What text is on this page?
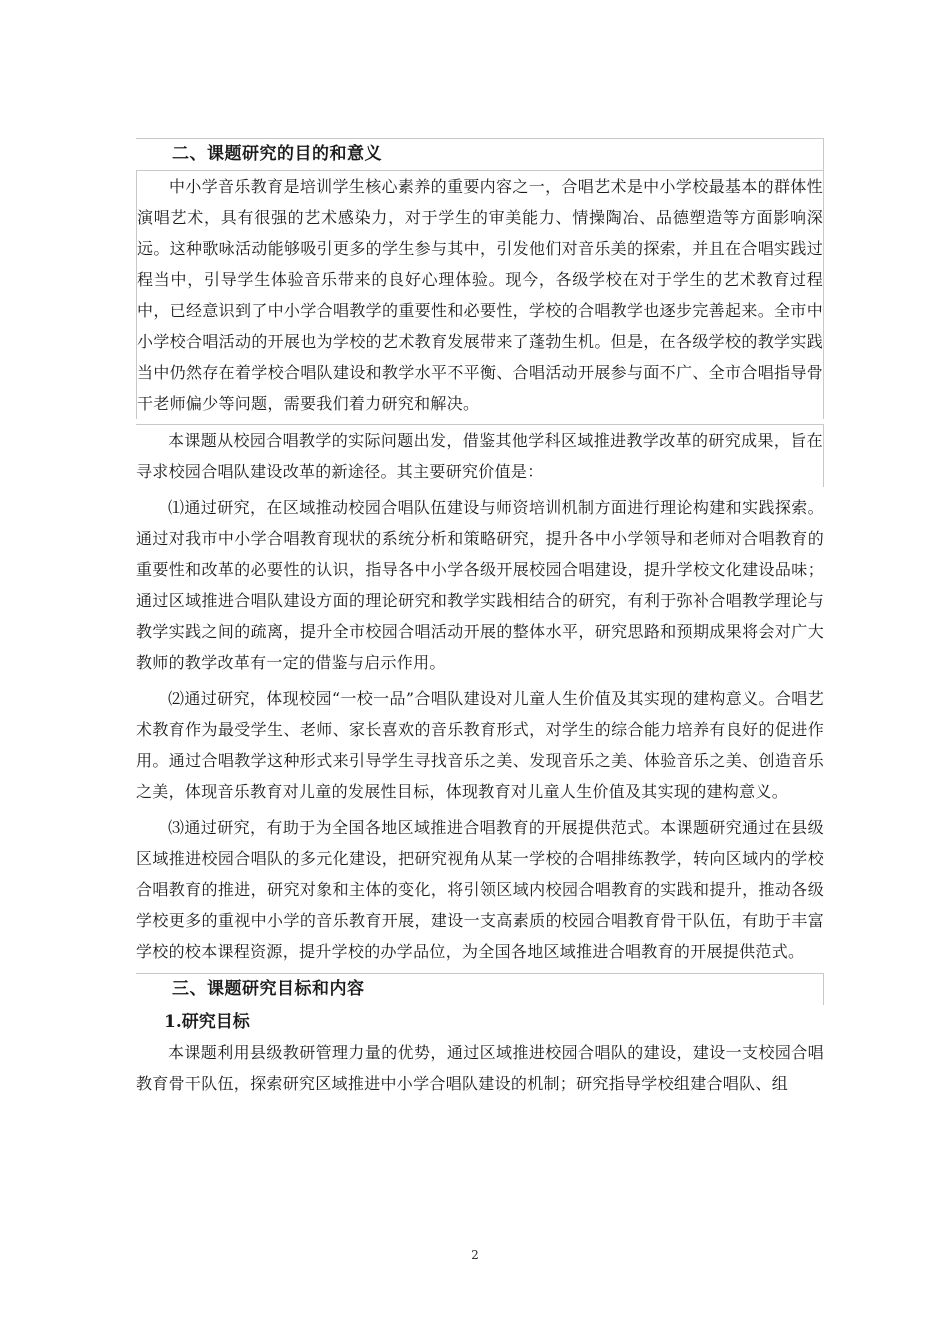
二、课题研究的目的和意义

中小学音乐教育是培训学生核心素养的重要内容之一，合唱艺术是中小学校最基本的群体性演唱艺术，具有很强的艺术感染力，对于学生的审美能力、情操陶冶、品德塑造等方面影响深远。这种歌咏活动能够吸引更多的学生参与其中，引发他们对音乐美的探索，并且在合唱实践过程当中，引导学生体验音乐带来的良好心理体验。现今，各级学校在对于学生的艺术教育过程中，已经意识到了中小学合唱教学的重要性和必要性，学校的合唱教学也逐步完善起来。全市中小学校合唱活动的开展也为学校的艺术教育发展带来了蓬勃生机。但是，在各级学校的教学实践当中仍然存在着学校合唱队建设和教学水平不平衡、合唱活动开展参与面不广、全市合唱指导骨干老师偏少等问题，需要我们着力研究和解决。

本课题从校园合唱教学的实际问题出发，借鉴其他学科区域推进教学改革的研究成果，旨在寻求校园合唱队建设改革的新途径。其主要研究价值是：

⑴通过研究，在区域推动校园合唱队伍建设与师资培训机制方面进行理论构建和实践探索。通过对我市中小学合唱教育现状的系统分析和策略研究，提升各中小学领导和老师对合唱教育的重要性和改革的必要性的认识，指导各中小学各级开展校园合唱建设，提升学校文化建设品味；通过区域推进合唱队建设方面的理论研究和教学实践相结合的研究，有利于弥补合唱教学理论与教学实践之间的疏离，提升全市校园合唱活动开展的整体水平，研究思路和预期成果将会对广大教师的教学改革有一定的借鉴与启示作用。

⑵通过研究，体现校园“一校一品”合唱队建设对儿童人生价值及其实现的建构意义。合唱艺术教育作为最受学生、老师、家长喜欢的音乐教育形式，对学生的综合能力培养有良好的促进作用。通过合唱教学这种形式来引导学生寻找音乐之美、发现音乐之美、体验音乐之美、创造音乐之美，体现音乐教育对儿童的发展性目标，体现教育对儿童人生价值及其实现的建构意义。

⑶通过研究，有助于为全国各地区域推进合唱教育的开展提供范式。本课题研究通过在县级区域推进校园合唱队的多元化建设，把研究视角从某一学校的合唱排练教学，转向区域内的学校合唱教育的推进，研究对象和主体的变化，将引领区域内校园合唱教育的实践和提升，推动各级学校更多的重视中小学的音乐教育开展，建设一支高素质的校园合唱教育骨干队伍，有助于丰富学校的校本课程资源，提升学校的办学品位，为全国各地区域推进合唱教育的开展提供范式。

三、课题研究目标和内容
1.研究目标

本课题利用县级教研管理力量的优势，通过区域推进校园合唱队的建设，建设一支校园合唱教育骨干队伍，探索研究区域推进中小学合唱队建设的机制；研究指导学校组建合唱队、组

2
